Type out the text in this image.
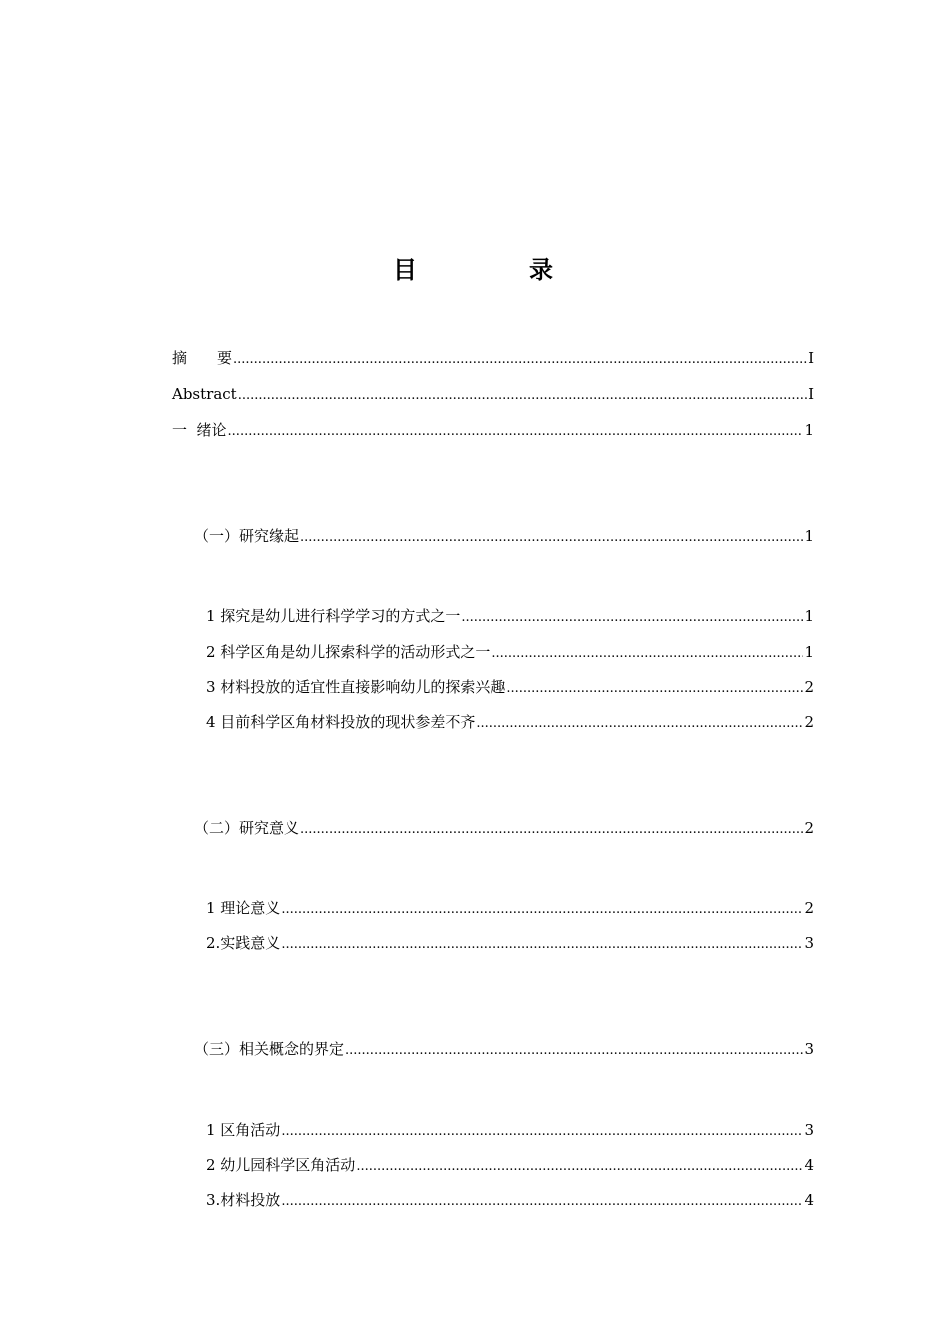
目　录
摘　　要 .....	I
Abstract .....	I
一  绪论 .....	1
（一）研究缘起 .....	1
1 探究是幼儿进行科学学习的方式之一 .....	1
2 科学区角是幼儿探索科学的活动形式之一 .....	1
3 材料投放的适宜性直接影响幼儿的探索兴趣 .....	2
4 目前科学区角材料投放的现状参差不齐 .....	2
（二）研究意义 .....	2
1 理论意义 .....	2
2.实践意义 .....	3
（三）相关概念的界定 .....	3
1 区角活动 .....	3
2 幼儿园科学区角活动 .....	4
3.材料投放 .....	4
